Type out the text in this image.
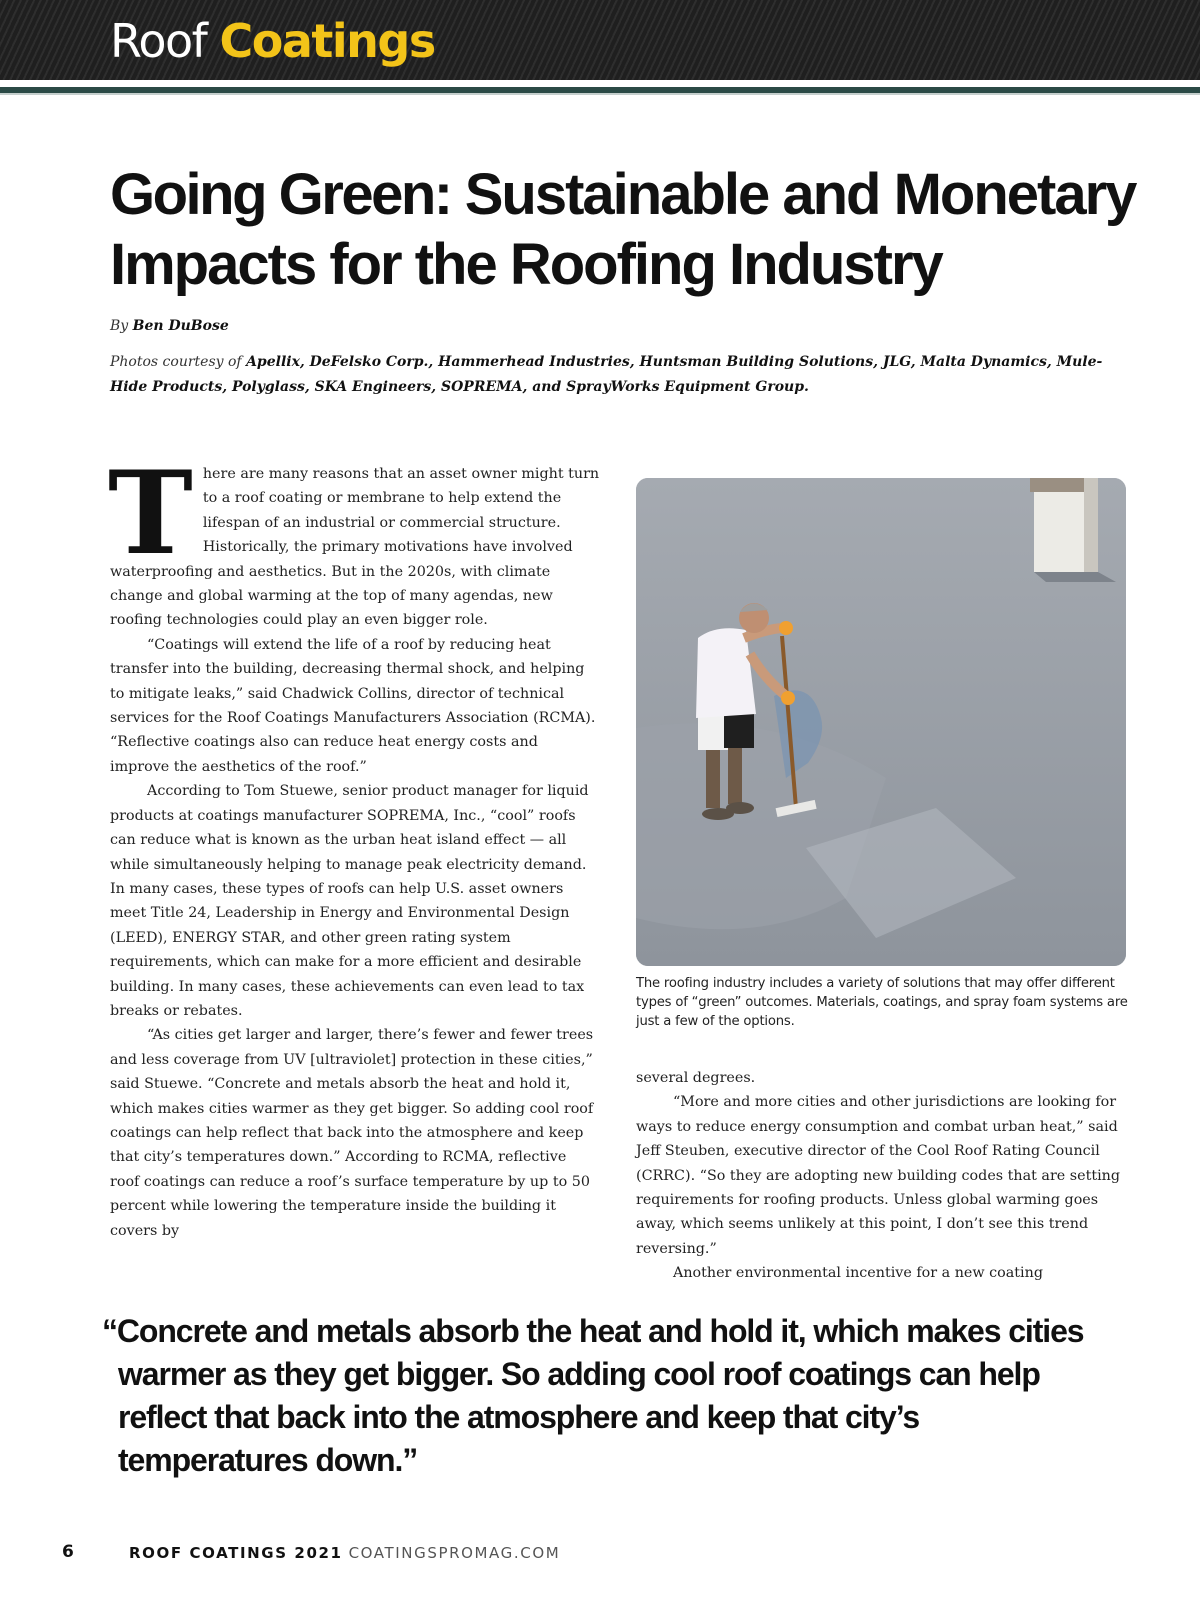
Roof Coatings
Going Green: Sustainable and Monetary Impacts for the Roofing Industry
By Ben DuBose
Photos courtesy of Apellix, DeFelsko Corp., Hammerhead Industries, Huntsman Building Solutions, JLG, Malta Dynamics, Mule-Hide Products, Polyglass, SKA Engineers, SOPREMA, and SprayWorks Equipment Group.

There are many reasons that an asset owner might turn to a roof coating or membrane to help extend the lifespan of an industrial or commercial structure. Historically, the primary motivations have involved waterproofing and aesthetics. But in the 2020s, with climate change and global warming at the top of many agendas, new roofing technologies could play an even bigger role.

“Coatings will extend the life of a roof by reducing heat transfer into the building, decreasing thermal shock, and helping to mitigate leaks,” said Chadwick Collins, director of technical services for the Roof Coatings Manufacturers Association (RCMA). “Reflective coatings also can reduce heat energy costs and improve the aesthetics of the roof.”

According to Tom Stuewe, senior product manager for liquid products at coatings manufacturer SOPREMA, Inc., “cool” roofs can reduce what is known as the urban heat island effect — all while simultaneously helping to manage peak electricity demand. In many cases, these types of roofs can help U.S. asset owners meet Title 24, Leadership in Energy and Environmental Design (LEED), ENERGY STAR, and other green rating system requirements, which can make for a more efficient and desirable building. In many cases, these achievements can even lead to tax breaks or rebates.

“As cities get larger and larger, there’s fewer and fewer trees and less coverage from UV [ultraviolet] protection in these cities,” said Stuewe. “Concrete and metals absorb the heat and hold it, which makes cities warmer as they get bigger. So adding cool roof coatings can help reflect that back into the atmosphere and keep that city’s temperatures down.” According to RCMA, reflective roof coatings can reduce a roof’s surface temperature by up to 50 percent while lowering the temperature inside the building it covers by

The roofing industry includes a variety of solutions that may offer different types of “green” outcomes. Materials, coatings, and spray foam systems are just a few of the options.

several degrees.

“More and more cities and other jurisdictions are looking for ways to reduce energy consumption and combat urban heat,” said Jeff Steuben, executive director of the Cool Roof Rating Council (CRRC). “So they are adopting new building codes that are setting requirements for roofing products. Unless global warming goes away, which seems unlikely at this point, I don’t see this trend reversing.”

Another environmental incentive for a new coating

“Concrete and metals absorb the heat and hold it, which makes cities warmer as they get bigger. So adding cool roof coatings can help reflect that back into the atmosphere and keep that city’s temperatures down.”
6	ROOF COATINGS 2021 COATINGSPROMAG.COM
